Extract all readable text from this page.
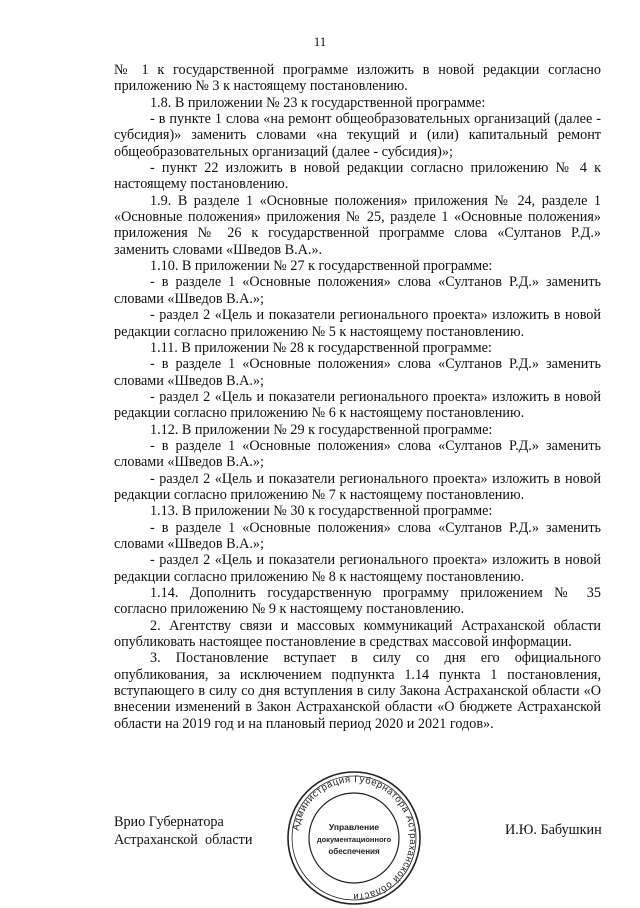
11

№ 1 к государственной программе изложить в новой редакции согласно приложению № 3 к настоящему постановлению.

1.8. В приложении № 23 к государственной программе:

- в пункте 1 слова «на ремонт общеобразовательных организаций (далее - субсидия)» заменить словами «на текущий и (или) капитальный ремонт общеобразовательных организаций (далее - субсидия)»;

- пункт 22 изложить в новой редакции согласно приложению № 4 к настоящему постановлению.

1.9. В разделе 1 «Основные положения» приложения № 24, разделе 1 «Основные положения» приложения № 25, разделе 1 «Основные положения» приложения № 26 к государственной программе слова «Султанов Р.Д.» заменить словами «Шведов В.А.».

1.10. В приложении № 27 к государственной программе:

- в разделе 1 «Основные положения» слова «Султанов Р.Д.» заменить словами «Шведов В.А.»;

- раздел 2 «Цель и показатели регионального проекта» изложить в новой редакции согласно приложению № 5 к настоящему постановлению.

1.11. В приложении № 28 к государственной программе:

- в разделе 1 «Основные положения» слова «Султанов Р.Д.» заменить словами «Шведов В.А.»;

- раздел 2 «Цель и показатели регионального проекта» изложить в новой редакции согласно приложению № 6 к настоящему постановлению.

1.12. В приложении № 29 к государственной программе:

- в разделе 1 «Основные положения» слова «Султанов Р.Д.» заменить словами «Шведов В.А.»;

- раздел 2 «Цель и показатели регионального проекта» изложить в новой редакции согласно приложению № 7 к настоящему постановлению.

1.13. В приложении № 30 к государственной программе:

- в разделе 1 «Основные положения» слова «Султанов Р.Д.» заменить словами «Шведов В.А.»;

- раздел 2 «Цель и показатели регионального проекта» изложить в новой редакции согласно приложению № 8 к настоящему постановлению.

1.14. Дополнить государственную программу приложением № 35 согласно приложению № 9 к настоящему постановлению.

2. Агентству связи и массовых коммуникаций Астраханской области опубликовать настоящее постановление в средствах массовой информации.

3. Постановление вступает в силу со дня его официального опубликования, за исключением подпункта 1.14 пункта 1 постановления, вступающего в силу со дня вступления в силу Закона Астраханской области «О внесении изменений в Закон Астраханской области «О бюджете Астраханской области на 2019 год и на плановый период 2020 и 2021 годов».

Врио Губернатора
Астраханской  области
Администрация Губернатора Астраханской области
Управление
документационного
обеспечения
И.Ю. Бабушкин
